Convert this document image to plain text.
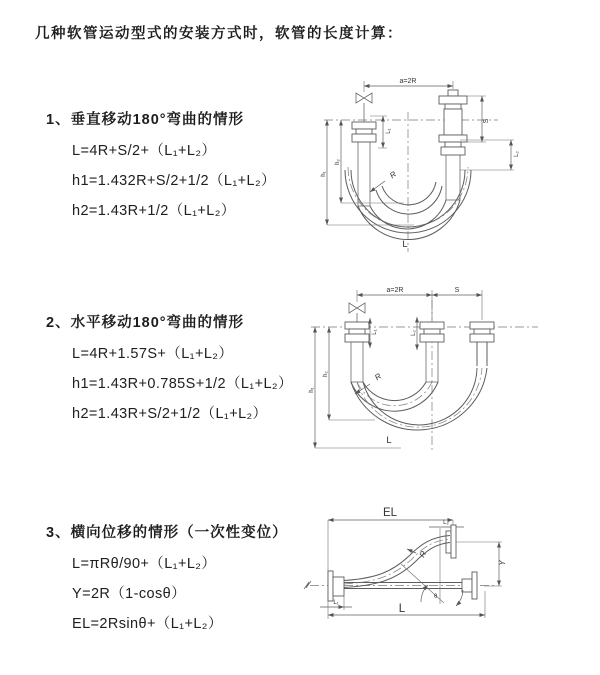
几种软管运动型式的安装方式时，软管的长度计算：
1、垂直移动180°弯曲的情形
L=4R+S/2+（L₁+L₂）
h1=1.432R+S/2+1/2（L₁+L₂）
h2=1.43R+1/2（L₁+L₂）
a=2R
S
L₂
L₁
h₂
h₁	R
L
2、水平移动180°弯曲的情形
L=4R+1.57S+（L₁+L₂）
h1=1.43R+0.785S+1/2（L₁+L₂）
h2=1.43R+S/2+1/2（L₁+L₂）
a=2R	S
L₁	L₂
h₂
h₁
R
L
3、横向位移的情形（一次性变位）
L=πRθ/90+（L₁+L₂）
Y=2R（1-cosθ）
EL=2Rsinθ+（L₁+L₂）
EL
L₂
Y
θ
R
L
L₁
